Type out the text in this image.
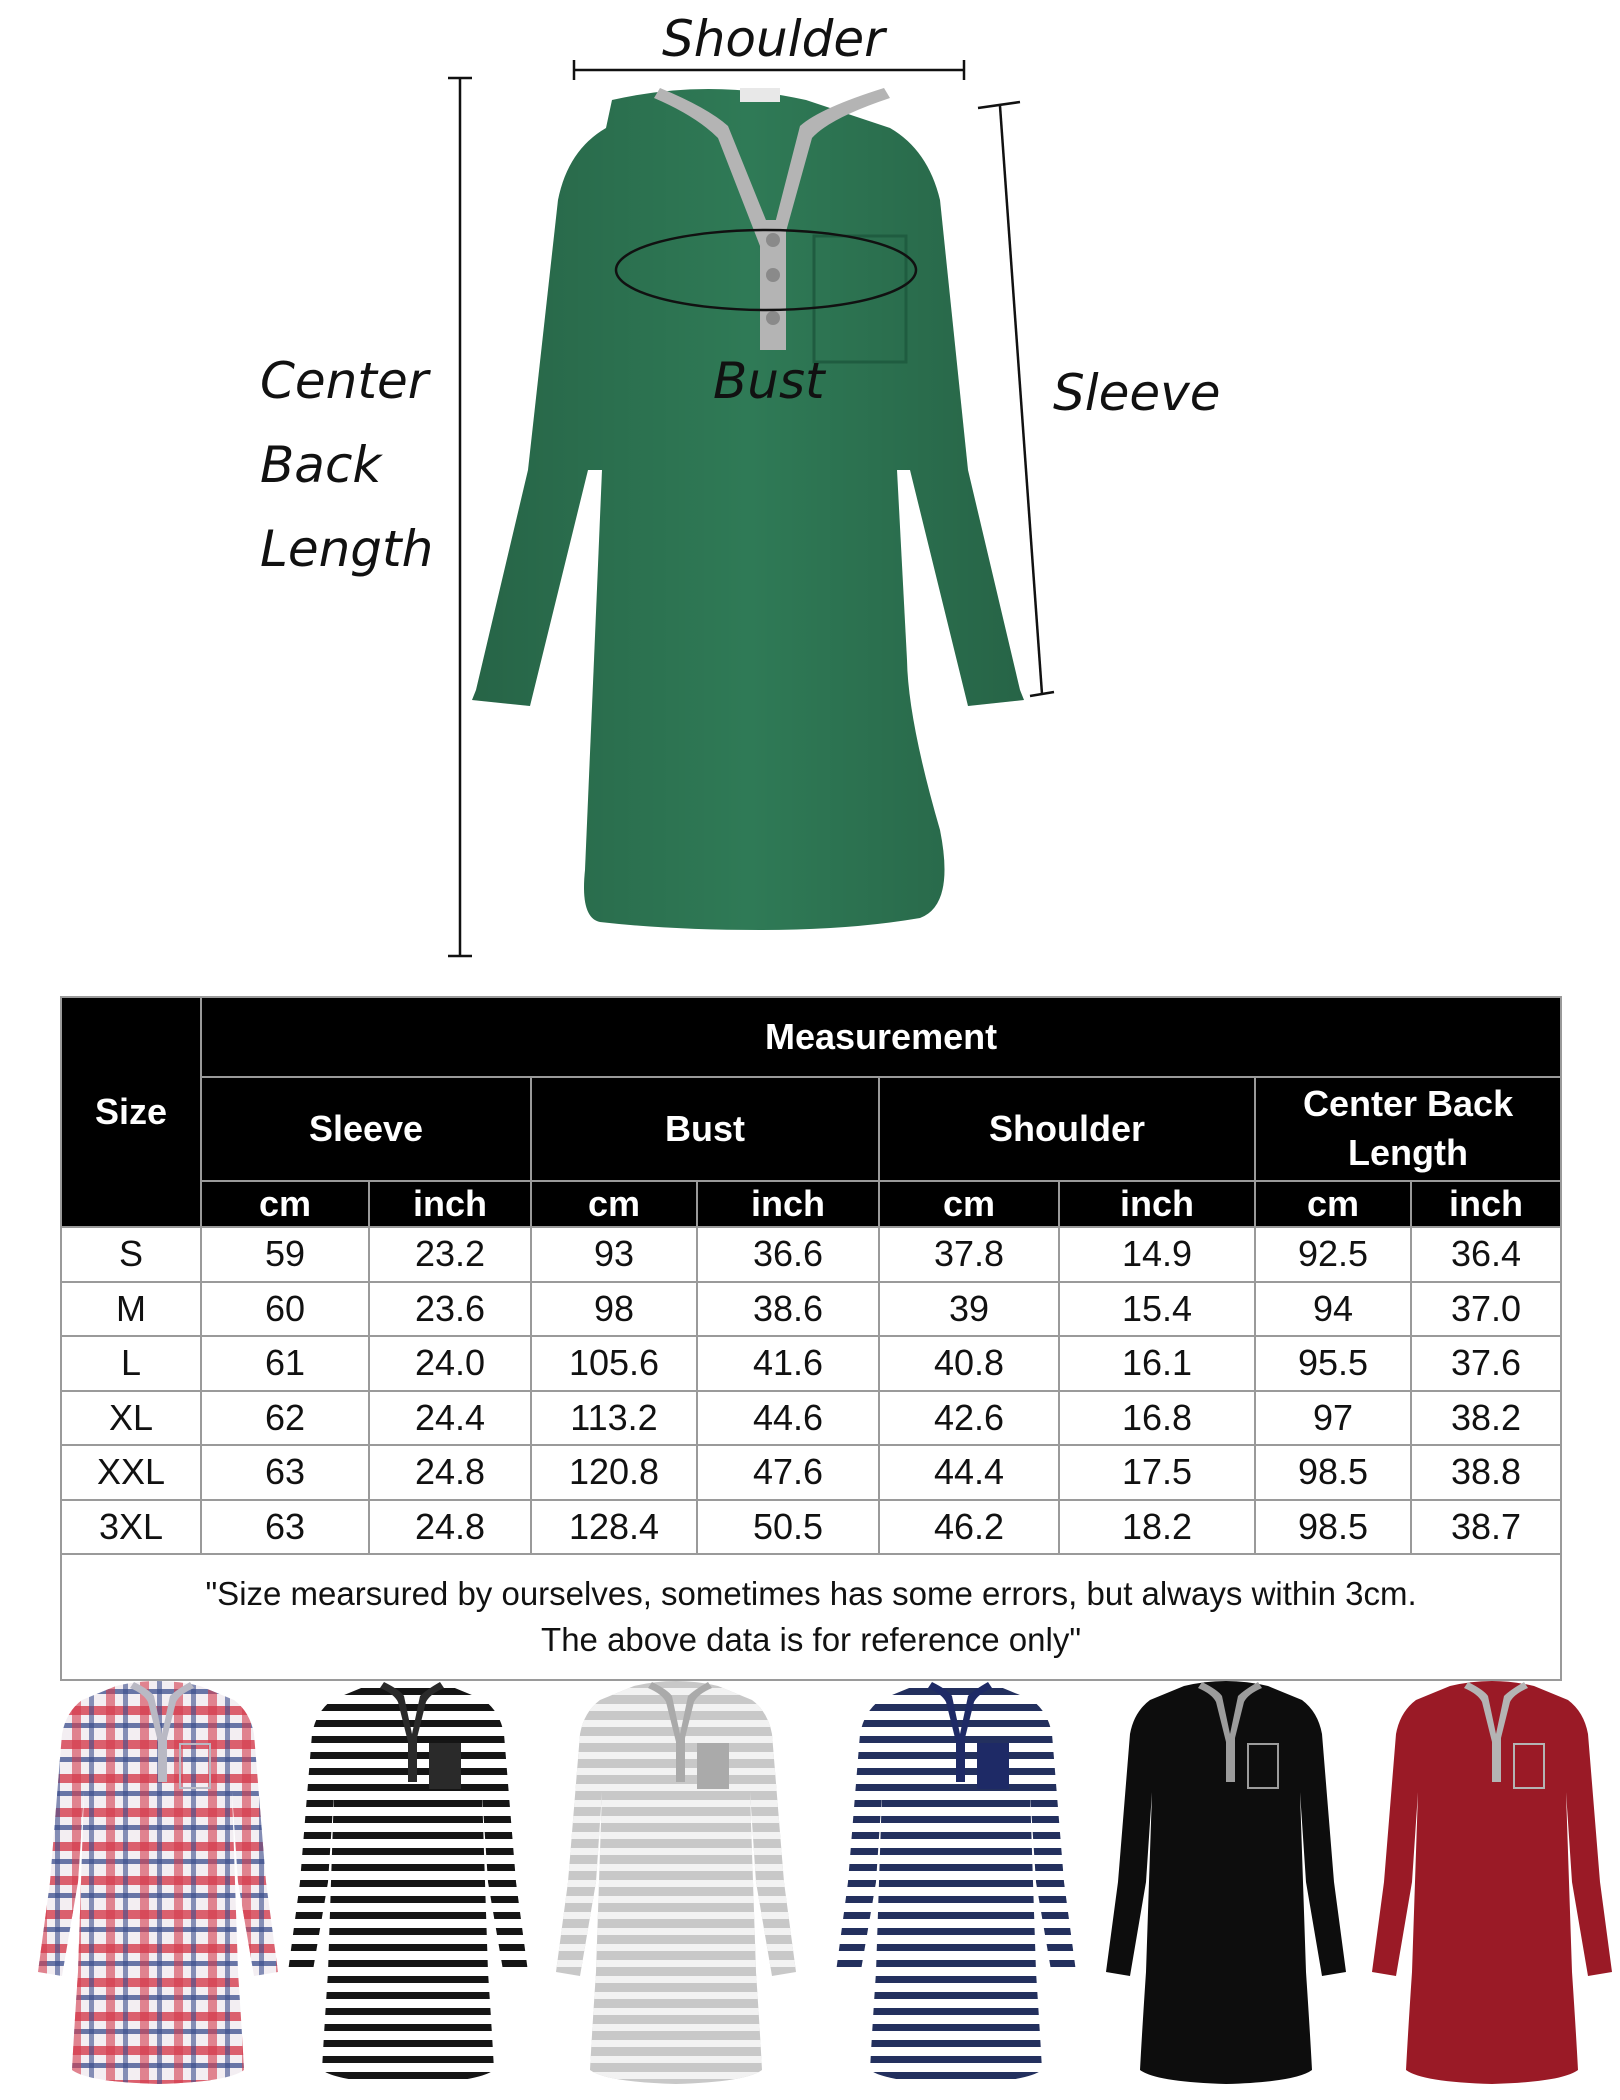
Shoulder
Bust	Sleeve
Center
Back
Length
Size	Measurement							
	Sleeve		Bust		Shoulder		Center Back Length	
	cm	inch	cm	inch	cm	inch	cm	inch
S	59	23.2	93	36.6	37.8	14.9	92.5	36.4
M	60	23.6	98	38.6	39	15.4	94	37.0
L	61	24.0	105.6	41.6	40.8	16.1	95.5	37.6
XL	62	24.4	113.2	44.6	42.6	16.8	97	38.2
XXL	63	24.8	120.8	47.6	44.4	17.5	98.5	38.8
3XL	63	24.8	128.4	50.5	46.2	18.2	98.5	38.7
"Size mearsured by ourselves, sometimes has some errors, but always within 3cm.
The above data is for reference only"								
